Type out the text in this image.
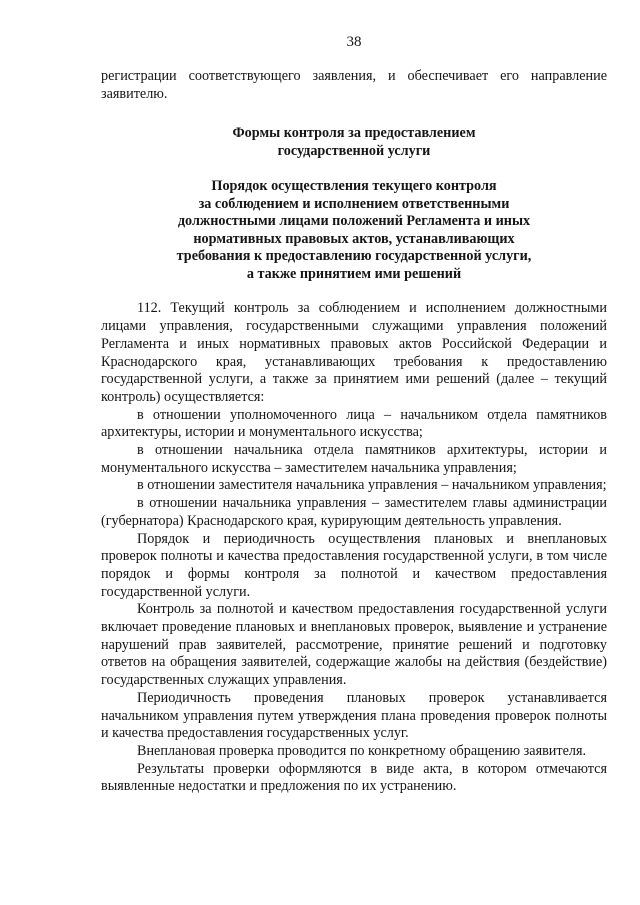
38

регистрации соответствующего заявления, и обеспечивает его направление заявителю.

Формы контроля за предоставлением
государственной услуги
Порядок осуществления текущего контроля
за соблюдением и исполнением ответственными
должностными лицами положений Регламента и иных
нормативных правовых актов, устанавливающих
требования к предоставлению государственной услуги,
а также принятием ими решений

112. Текущий контроль за соблюдением и исполнением должностными лицами управления, государственными служащими управления положений Регламента и иных нормативных правовых актов Российской Федерации и Краснодарского края, устанавливающих требования к предоставлению государственной услуги, а также за принятием ими решений (далее – текущий контроль) осуществляется:

в отношении уполномоченного лица – начальником отдела памятников архитектуры, истории и монументального искусства;

в отношении начальника отдела памятников архитектуры, истории и монументального искусства – заместителем начальника управления;

в отношении заместителя начальника управления – начальником управления;

в отношении начальника управления – заместителем главы администрации (губернатора) Краснодарского края, курирующим деятельность управления.

Порядок и периодичность осуществления плановых и внеплановых проверок полноты и качества предоставления государственной услуги, в том числе порядок и формы контроля за полнотой и качеством предоставления государственной услуги.

Контроль за полнотой и качеством предоставления государственной услуги включает проведение плановых и внеплановых проверок, выявление и устранение нарушений прав заявителей, рассмотрение, принятие решений и подготовку ответов на обращения заявителей, содержащие жалобы на действия (бездействие) государственных служащих управления.

Периодичность проведения плановых проверок устанавливается начальником управления путем утверждения плана проведения проверок полноты и качества предоставления государственных услуг.

Внеплановая проверка проводится по конкретному обращению заявителя.

Результаты проверки оформляются в виде акта, в котором отмечаются выявленные недостатки и предложения по их устранению.
